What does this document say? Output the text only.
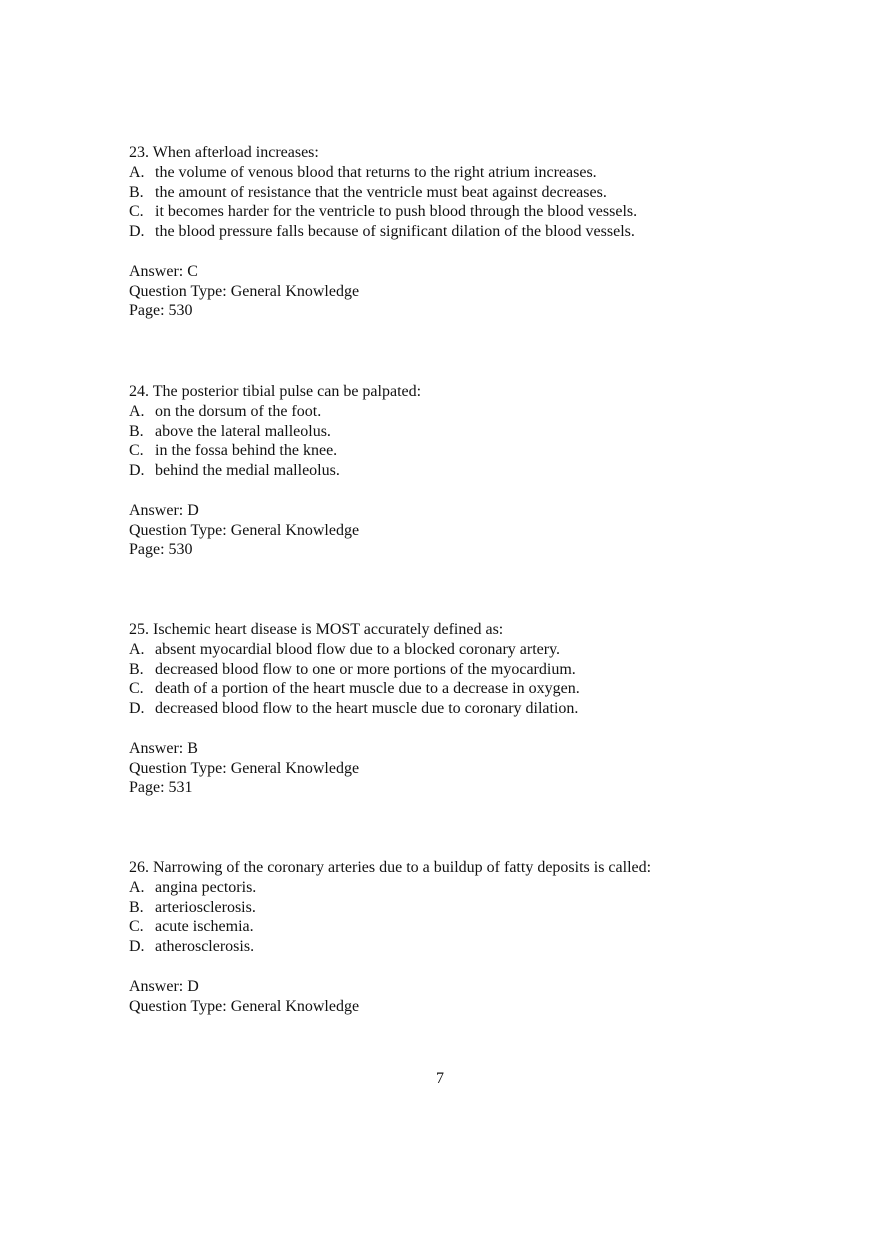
23. When afterload increases:
A. the volume of venous blood that returns to the right atrium increases.
B. the amount of resistance that the ventricle must beat against decreases.
C. it becomes harder for the ventricle to push blood through the blood vessels.
D. the blood pressure falls because of significant dilation of the blood vessels.
Answer: C
Question Type: General Knowledge
Page: 530
24. The posterior tibial pulse can be palpated:
A. on the dorsum of the foot.
B. above the lateral malleolus.
C. in the fossa behind the knee.
D. behind the medial malleolus.
Answer: D
Question Type: General Knowledge
Page: 530
25. Ischemic heart disease is MOST accurately defined as:
A. absent myocardial blood flow due to a blocked coronary artery.
B. decreased blood flow to one or more portions of the myocardium.
C. death of a portion of the heart muscle due to a decrease in oxygen.
D. decreased blood flow to the heart muscle due to coronary dilation.
Answer: B
Question Type: General Knowledge
Page: 531
26. Narrowing of the coronary arteries due to a buildup of fatty deposits is called:
A. angina pectoris.
B. arteriosclerosis.
C. acute ischemia.
D. atherosclerosis.
Answer: D
Question Type: General Knowledge
7
